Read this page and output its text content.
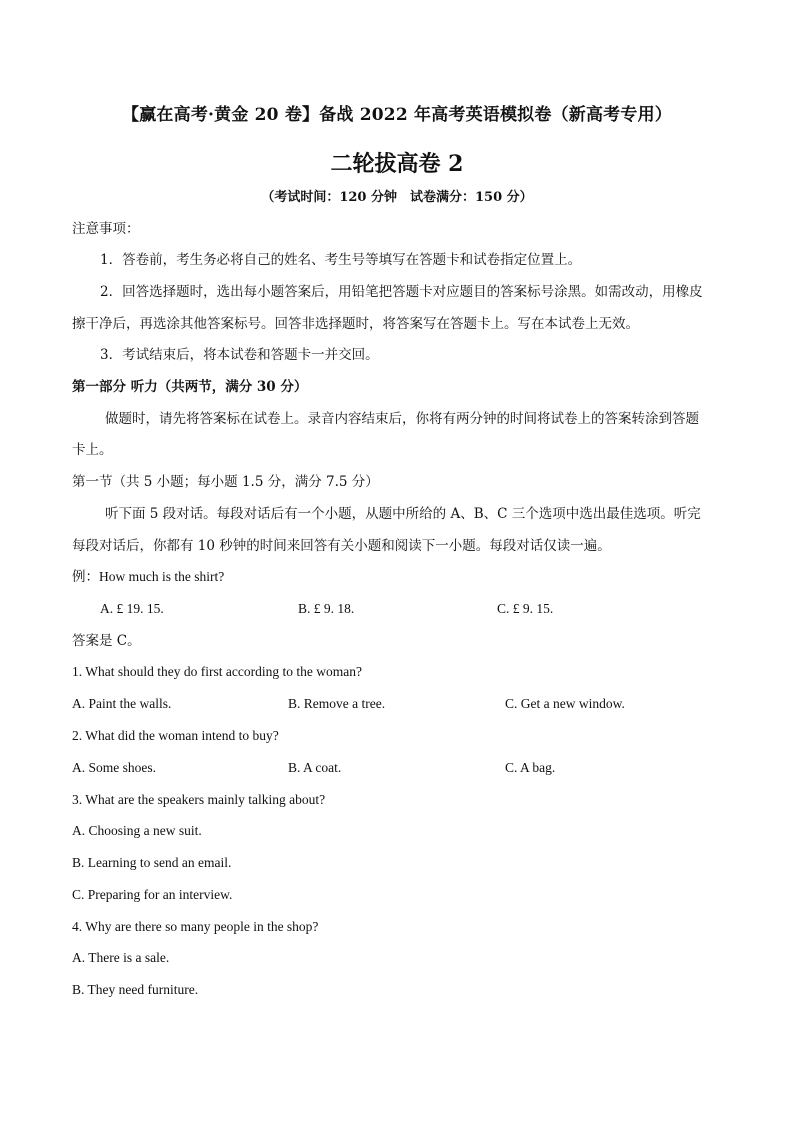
【赢在高考·黄金 20 卷】备战 2022 年高考英语模拟卷（新高考专用）
二轮拔高卷 2
（考试时间：120 分钟　试卷满分：150 分）
注意事项：
1．答卷前，考生务必将自己的姓名、考生号等填写在答题卡和试卷指定位置上。
2．回答选择题时，选出每小题答案后，用铅笔把答题卡对应题目的答案标号涂黑。如需改动，用橡皮
擦干净后，再选涂其他答案标号。回答非选择题时，将答案写在答题卡上。写在本试卷上无效。
3．考试结束后，将本试卷和答题卡一并交回。
第一部分 听力（共两节，满分 30 分）
做题时，请先将答案标在试卷上。录音内容结束后，你将有两分钟的时间将试卷上的答案转涂到答题
卡上。
第一节（共 5 小题；每小题 1.5 分，满分 7.5 分）
听下面 5 段对话。每段对话后有一个小题，从题中所给的 A、B、C 三个选项中选出最佳选项。听完
每段对话后，你都有 10 秒钟的时间来回答有关小题和阅读下一小题。每段对话仅读一遍。
例：How much is the shirt?
A. £ 19. 15.	B. £ 9. 18.	C. £ 9. 15.
答案是 C。
1. What should they do first according to the woman?
A. Paint the walls.	B. Remove a tree.	C. Get a new window.
2. What did the woman intend to buy?
A. Some shoes.	B. A coat.	C. A bag.
3. What are the speakers mainly talking about?
A. Choosing a new suit.
B. Learning to send an email.
C. Preparing for an interview.
4. Why are there so many people in the shop?
A. There is a sale.
B. They need furniture.
